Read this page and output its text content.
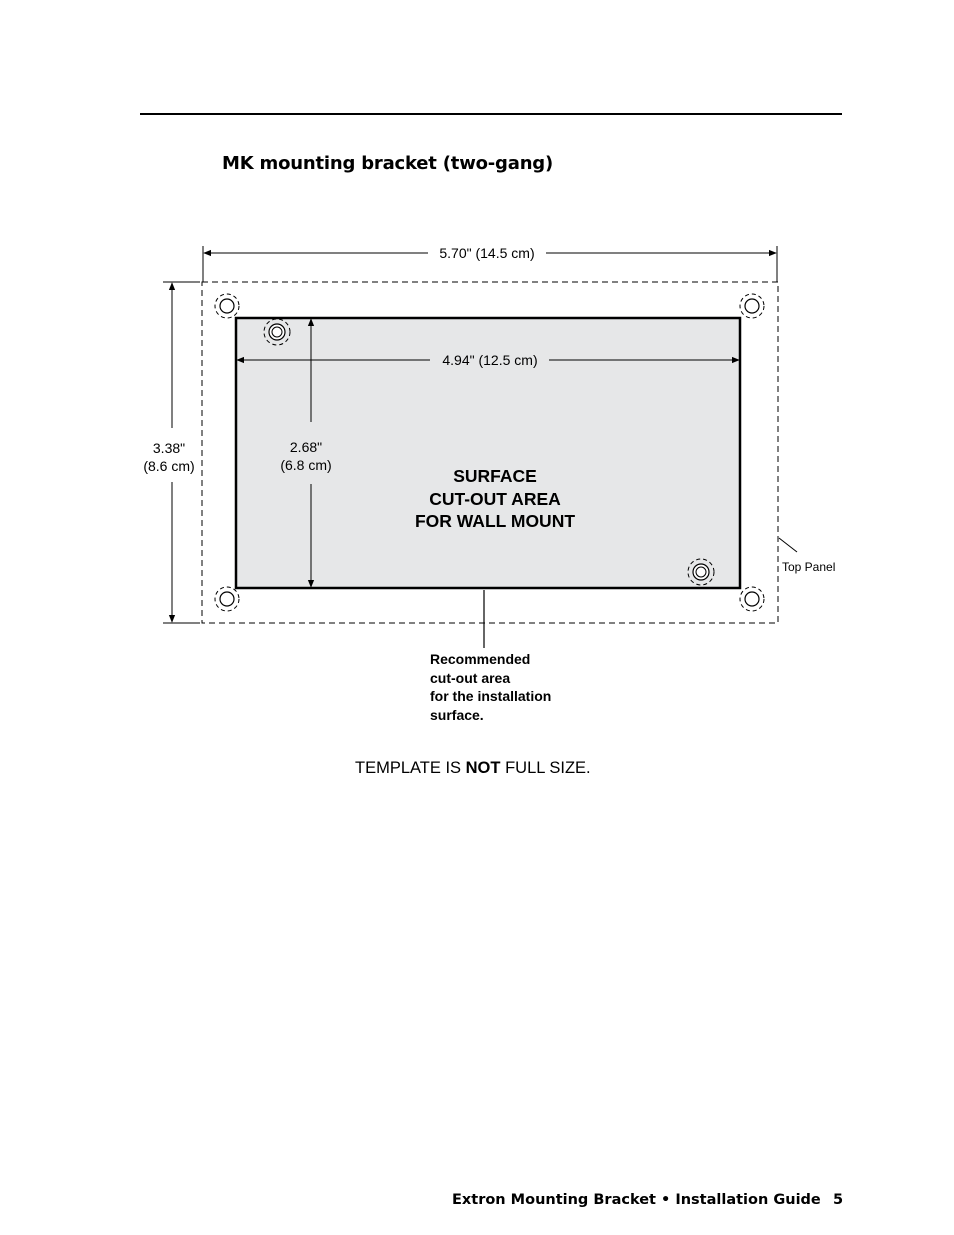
MK mounting bracket (two-gang)
5.70" (14.5 cm)
3.38"
(8.6 cm)
4.94" (12.5 cm)
2.68"
(6.8 cm)
SURFACE
CUT-OUT AREA
FOR WALL MOUNT
Top Panel
Recommended
cut-out area
for the installation
surface.
TEMPLATE IS NOT FULL SIZE.
Extron Mounting Bracket • Installation Guide 5
